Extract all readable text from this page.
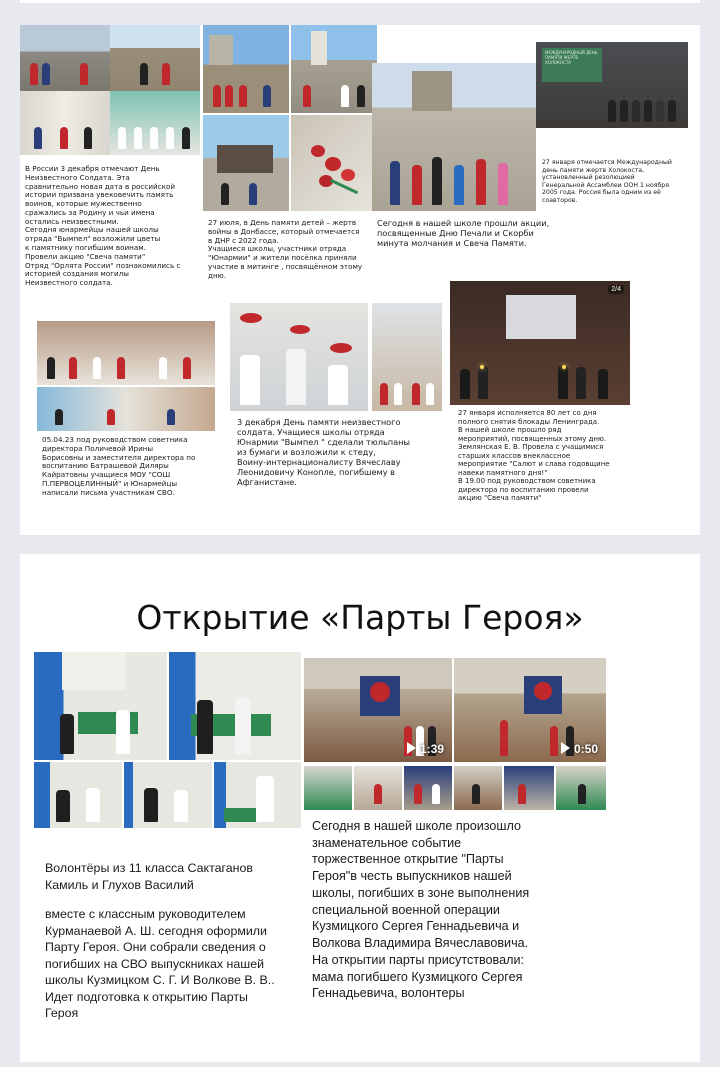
В России 3 декабря отмечают День
Неизвестного Солдата. Эта
сравнительно новая дата в российской
истории призвана увековечить память
воинов, которые мужественно
сражались за Родину и чьи имена
остались неизвестными.
Сегодня юнармейцы нашей школы
отряда "Вымпел" возложили цветы
к памятнику погибшим воинам.
Провели акцию "Свеча памяти"
Отряд "Орлята России" познакомились с
историей создания могилы
Неизвестного солдата.
27 июля, в День памяти детей – жертв
войны в Донбассе, который отмечается
в ДНР с 2022 года.
Учащиеся школы, участники отряда
"Юнармии" и жители посёлка приняли
участие в митинге , посвящённом этому
дню.
Сегодня в нашей школе прошли акции,
посвященные Дню Печали и Скорби
минута молчания и Свеча Памяти.
МЕЖДУНАРОДНЫЙ ДЕНЬ ПАМЯТИ ЖЕРТВ ХОЛОКОСТА
27 января отмечается Международный
день памяти жертв Холокоста,
установленный резолюцией
Генеральной Ассамблеи ООН 1 ноября
2005 года. Россия была одним из её
соавторов.
05.04.23 под руководством советника
директора Поличевой Ирины
Борисовны и заместителя директора по
воспитанию Батрашевой Диляры
Кайратовны учащиеся МОУ "СОШ
П.ПЕРВОЦЕЛИННЫЙ" и Юнармейцы
написали письма участникам СВО.
3 декабря День памяти неизвестного
солдата. Учащиеся школы отряда
Юнармии "Вымпел " сделали тюльпаны
из бумаги и возложили к стеду,
Воину-интернационалисту Вячеславу
Леонидовичу Конопле, погибшему в
Афганистане.
2/4
27 января исполняется 80 лет со дня
полного снятия блокады Ленинграда.
В нашей школе прошло ряд
мероприятий, посвященных этому дню.
Землянская Е. В. Провела с учащимися
старших классов внеклассное
мероприятие "Салют и слава годовщине
навеки памятного дня!"
В 19.00 под руководством советника
директора по воспитанию провели
акцию "Свеча памяти"
Открытие «Парты Героя»
Волонтёры из 11 класса Сактаганов
Камиль и Глухов Василий
вместе с классным руководителем
Курманаевой А. Ш. сегодня оформили
Парту Героя. Они собрали сведения о
погибших на СВО выпускниках нашей
школы Кузмицком С. Г. И Волкове В. В..
Идет подготовка к открытию Парты
Героя
1:39	0:50
Сегодня в нашей школе произошло
знаменательное событие
торжественное открытие "Парты
Героя"в честь выпускников нашей
школы, погибших в зоне выполнения
специальной военной операции
Кузмицкого Сергея Геннадьевича и
Волкова Владимира Вячеславовича.
На открытии парты присутствовали:
мама погибшего Кузмицкого Сергея
Геннадьевича, волонтеры
